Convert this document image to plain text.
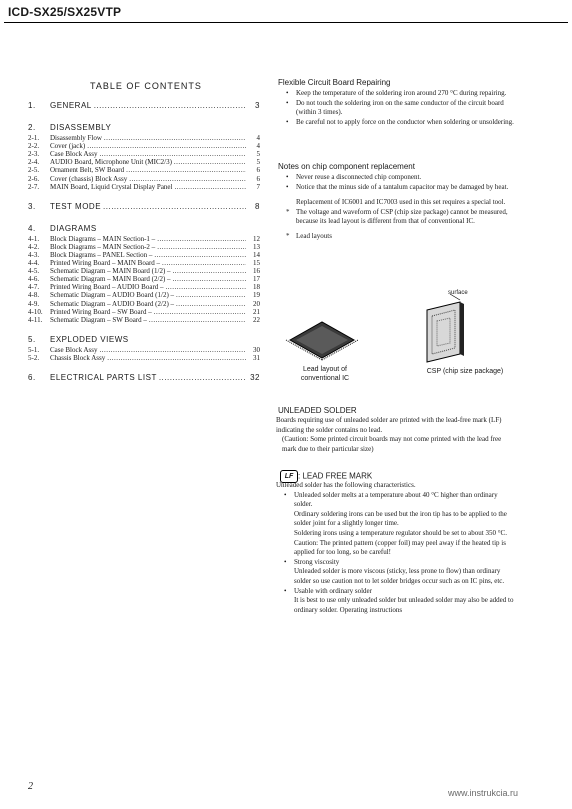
ICD-SX25/SX25VTP
TABLE OF CONTENTS
1.	GENERAL .....	3
2. DISASSEMBLY
2-1.	Disassembly Flow .....	4
2-2.	Cover (jack) .....	4
2-3.	Case Block Assy .....	5
2-4.	AUDIO Board, Microphone Unit (MIC2/3) .....	5
2-5.	Ornament Belt, SW Board .....	6
2-6.	Cover (chassis) Block Assy .....	6
2-7.	MAIN Board, Liquid Crystal Display Panel .....	7
3.	TEST MODE .....	8
4. DIAGRAMS
4-1.	Block Diagrams – MAIN Section-1 – .....	12
4-2.	Block Diagrams – MAIN Section-2 – .....	13
4-3.	Block Diagrams – PANEL Section – .....	14
4-4.	Printed Wiring Board – MAIN Board – .....	15
4-5.	Schematic Diagram – MAIN Board (1/2) – .....	16
4-6.	Schematic Diagram – MAIN Board (2/2) – .....	17
4-7.	Printed Wiring Board – AUDIO Board – .....	18
4-8.	Schematic Diagram – AUDIO Board (1/2) – .....	19
4-9.	Schematic Diagram – AUDIO Board (2/2) – .....	20
4-10.	Printed Wiring Board – SW Board – .....	21
4-11.	Schematic Diagram – SW Board – .....	22
5. EXPLODED VIEWS
5-1.	Case Block Assy .....	30
5-2.	Chassis Block Assy .....	31
6.	ELECTRICAL PARTS LIST .....	32
Flexible Circuit Board Repairing
• Keep the temperature of the soldering iron around 270 °C during repairing.
• Do not touch the soldering iron on the same conductor of the circuit board (within 3 times).
• Be careful not to apply force on the conductor when soldering or unsoldering.
Notes on chip component replacement
• Never reuse a disconnected chip component.
• Notice that the minus side of a tantalum capacitor may be damaged by heat.
Replacement of IC6001 and IC7003 used in this set requires a special tool.
* The voltage and waveform of CSP (chip size package) cannot be measured, because its lead layout is different from that of conventional IC.
* Lead layouts
surface
Lead layout of conventional IC
CSP (chip size package)
UNLEADED SOLDER
Boards requiring use of unleaded solder are printed with the lead-free mark (LF) indicating the solder contains no lead.
(Caution: Some printed circuit boards may not come printed with the lead free mark due to their particular size)
LF : LEAD FREE MARK
Unleaded solder has the following characteristics.
• Unleaded solder melts at a temperature about 40 °C higher than ordinary solder.
Ordinary soldering irons can be used but the iron tip has to be applied to the solder joint for a slightly longer time.
Soldering irons using a temperature regulator should be set to about 350 °C.
Caution: The printed pattern (copper foil) may peel away if the heated tip is applied for too long, so be careful!
• Strong viscosity
Unleaded solder is more viscous (sticky, less prone to flow) than ordinary solder so use caution not to let solder bridges occur such as on IC pins, etc.
• Usable with ordinary solder
It is best to use only unleaded solder but unleaded solder may also be added to ordinary solder. Operating instructions
2
www.instrukcia.ru
